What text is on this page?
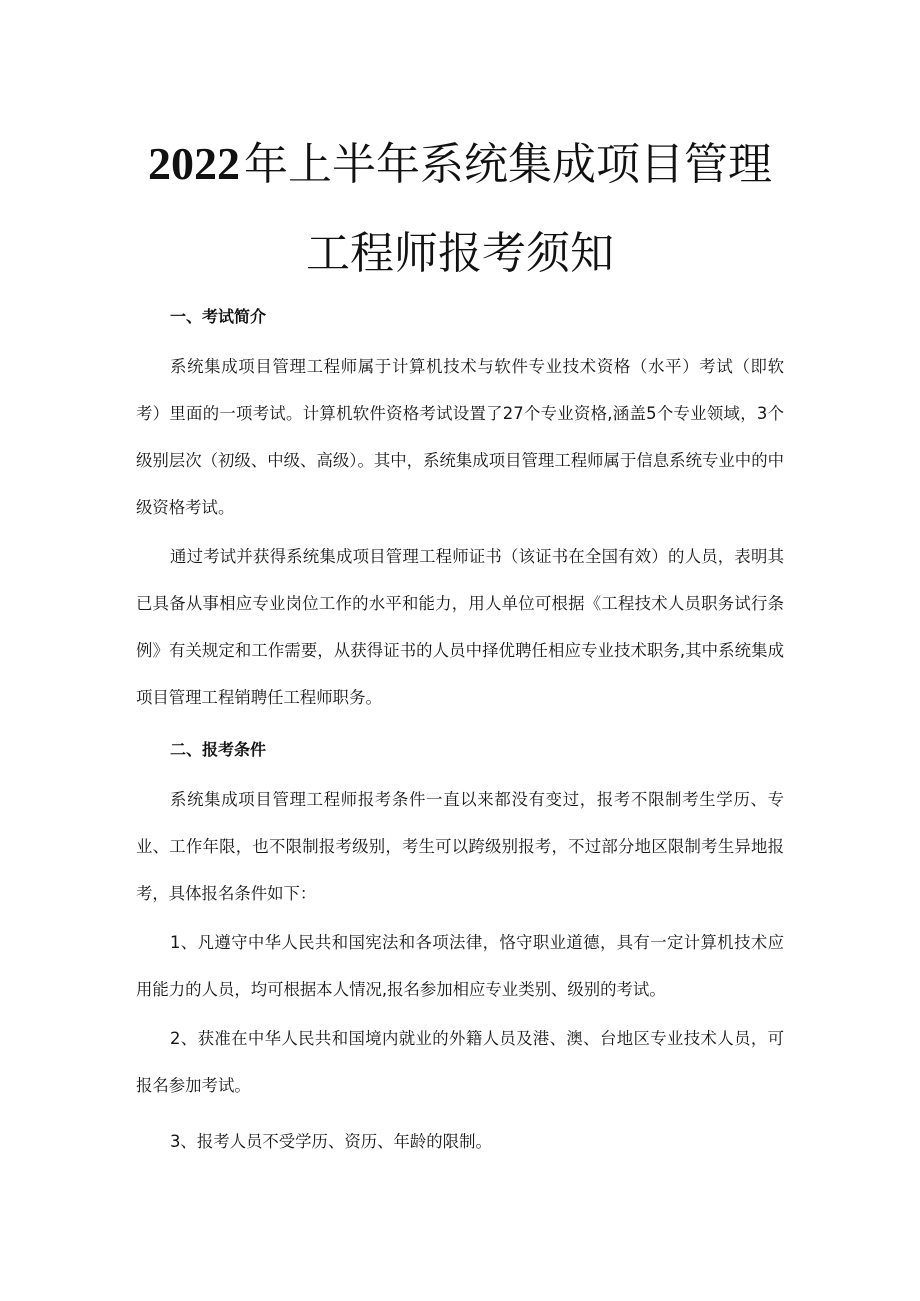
2022年上半年系统集成项目管理
工程师报考须知
一、考试简介
系统集成项目管理工程师属于计算机技术与软件专业技术资格（水平）考试（即软考）里面的一项考试。计算机软件资格考试设置了27个专业资格,涵盖5个专业领域，3个级别层次（初级、中级、高级）。其中，系统集成项目管理工程师属于信息系统专业中的中级资格考试。
通过考试并获得系统集成项目管理工程师证书（该证书在全国有效）的人员，表明其已具备从事相应专业岗位工作的水平和能力，用人单位可根据《工程技术人员职务试行条例》有关规定和工作需要，从获得证书的人员中择优聘任相应专业技术职务,其中系统集成项目管理工程销聘任工程师职务。
二、报考条件
系统集成项目管理工程师报考条件一直以来都没有变过，报考不限制考生学历、专业、工作年限，也不限制报考级别，考生可以跨级别报考，不过部分地区限制考生异地报考，具体报名条件如下：
1、凡遵守中华人民共和国宪法和各项法律，恪守职业道德，具有一定计算机技术应用能力的人员，均可根据本人情况,报名参加相应专业类别、级别的考试。
2、获准在中华人民共和国境内就业的外籍人员及港、澳、台地区专业技术人员，可报名参加考试。
3、报考人员不受学历、资历、年龄的限制。
